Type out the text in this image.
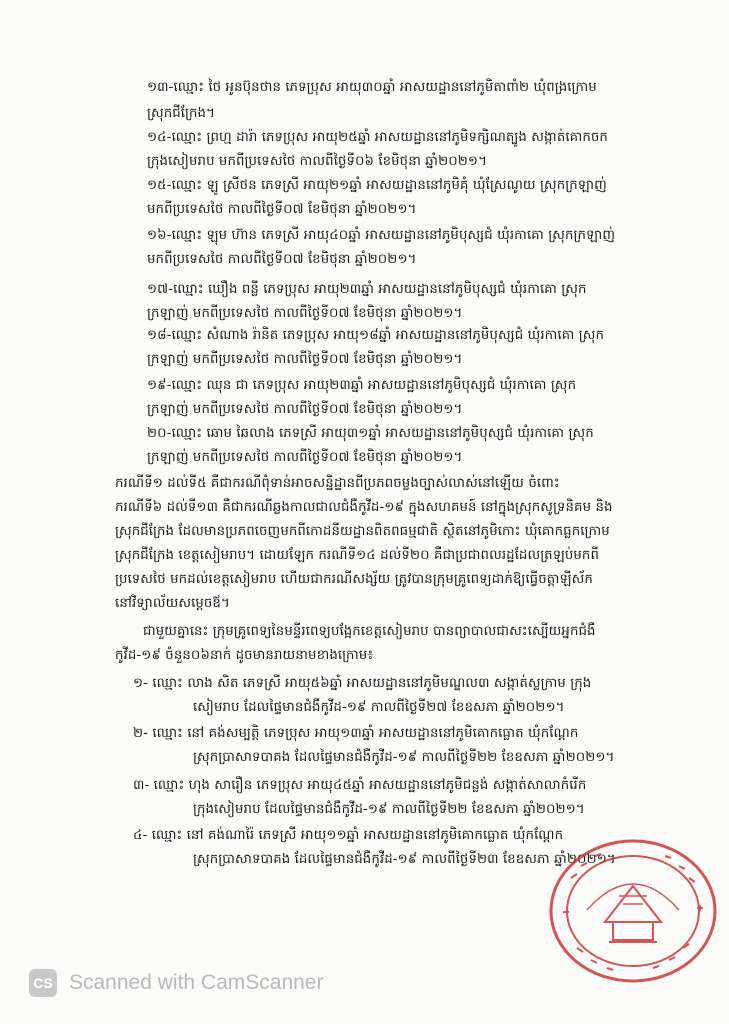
១៣-ឈ្មោះ ថៃ អូនប៊ុនថាន ភេទប្រុស អាយុ៣០ឆ្នាំ អាសយដ្ឋាននៅភូមិតាពាំ២ ឃុំពង្រក្រោម
ស្រុកជីក្រែង។
១៤-ឈ្មោះ ព្រហ្ម ដារ៉ា ភេទប្រុស អាយុ២៥ឆ្នាំ អាសយដ្ឋាននៅភូមិទក្សិណត្បូង សង្កាត់គោកចក
ក្រុងសៀមរាប មកពីប្រទេសថៃ កាលពីថ្ងៃទី០៦ ខែមិថុនា ឆ្នាំ២០២១។
១៥-ឈ្មោះ ឡូ ស្រីថន ភេទស្រី អាយុ២១ឆ្នាំ អាសយដ្ឋាននៅភូមិគុំ ឃុំស្រែណូយ ស្រុកក្រឡាញ់
មកពីប្រទេសថៃ កាលពីថ្ងៃទី០៧ ខែមិថុនា ឆ្នាំ២០២១។
១៦-ឈ្មោះ ឡុម ហ៊ាន ភេទស្រី អាយុ៤០ឆ្នាំ អាសយដ្ឋាននៅភូមិបុស្សជំ ឃុំរកាគោ ស្រុកក្រឡាញ់
មកពីប្រទេសថៃ កាលពីថ្ងៃទី០៧ ខែមិថុនា ឆ្នាំ២០២១។
១៧-ឈ្មោះ ឃឿង ពន្លី ភេទប្រុស អាយុ២៣ឆ្នាំ អាសយដ្ឋាននៅភូមិបុស្សជំ ឃុំរកាគោ ស្រុក
ក្រឡាញ់ មកពីប្រទេសថៃ កាលពីថ្ងៃទី០៧ ខែមិថុនា ឆ្នាំ២០២១។
១៨-ឈ្មោះ សំណាង រ៉ានិត ភេទប្រុស អាយុ១៨ឆ្នាំ អាសយដ្ឋាននៅភូមិបុស្សជំ ឃុំរកាគោ ស្រុក
ក្រឡាញ់ មកពីប្រទេសថៃ កាលពីថ្ងៃទី០៧ ខែមិថុនា ឆ្នាំ២០២១។
១៩-ឈ្មោះ ឈុន ជា ភេទប្រុស អាយុ២៣ឆ្នាំ អាសយដ្ឋាននៅភូមិបុស្សជំ ឃុំរកាគោ ស្រុក
ក្រឡាញ់ មកពីប្រទេសថៃ កាលពីថ្ងៃទី០៧ ខែមិថុនា ឆ្នាំ២០២១។
២០-ឈ្មោះ ឆោម ឆៃលាង ភេទស្រី អាយុ៣១ឆ្នាំ អាសយដ្ឋាននៅភូមិបុស្សជំ ឃុំរកាគោ ស្រុក
ក្រឡាញ់ មកពីប្រទេសថៃ កាលពីថ្ងៃទី០៧ ខែមិថុនា ឆ្នាំ២០២១។
ករណីទី១ ដល់ទី៥ គឺជាករណីពុំទាន់អាចសន្និដ្ឋានពីប្រភពចម្លងច្បាស់លាស់នៅឡើយ ចំពោះ
ករណីទី៦ ដល់ទី១៣ គឺជាករណីឆ្លងកាលជាលជំងឺកូវីដ-១៩ ក្នុងសហគមន៍ នៅក្នុងស្រុកសូទ្រនិគម និង
ស្រុកជីក្រែង ដែលមានប្រភពចេញមកពីកោដនីយដ្ឋានពិតពធម្មជាតិ ស្ថិតនៅភូមិកោះ ឃុំគោកធ្លកក្រោម
ស្រុកជីក្រែង ខេត្តសៀមរាប។ ដោយឡែក ករណីទី១៤ ដល់ទី២០ គឺជាប្រជាពលរដ្ឋដែលត្រឡប់មកពី
ប្រទេសថៃ មកដល់ខេត្តសៀមរាប ហើយជាករណីសង្ស័យ ត្រូវបានក្រុមគ្រូពេទ្យដាក់ឱ្យធ្វើចត្តាឡីស័ក
នៅវិទ្យាល័យសម្តេចឪ។
ជាមួយគ្នានេះ ក្រុមគ្រូពេទ្យនៃមន្ទីរពេទ្យបង្អែកខេត្តសៀមរាប បានព្យាបាលជាសះស្បើយអ្នកជំងឺ
កូវីដ-១៩ ចំនួន០៦នាក់ ដូចមានរាយនាមខាងក្រោម៖
១- ឈ្មោះ លាង សិត ភេទស្រី អាយុ៥៦ឆ្នាំ អាសយដ្ឋាននៅភូមិមណ្ឌល៣ សង្កាត់ស្លក្រាម ក្រុង
សៀមរាប ដែលផ្ទៃមានជំងឺកូវីដ-១៩ កាលពីថ្ងៃទី២៧ ខែឧសភា ឆ្នាំ២០២១។
២- ឈ្មោះ នៅ គង់សម្បត្តិ ភេទប្រុស អាយុ១៣ឆ្នាំ អាសយដ្ឋាននៅភូមិគោកធ្លោត ឃុំកណ្តែក
ស្រុកប្រាសាទបាគង ដែលផ្ទៃមានជំងឺកូវីដ-១៩ កាលពីថ្ងៃទី២២ ខែឧសភា ឆ្នាំ២០២១។
៣- ឈ្មោះ ហុង សារឿន ភេទប្រុស អាយុ៤៥ឆ្នាំ អាសយដ្ឋាននៅភូមិជន្លង់ សង្កាត់សាលាកំរើក
ក្រុងសៀមរាប ដែលផ្ទៃមានជំងឺកូវីដ-១៩ កាលពីថ្ងៃទី២២ ខែឧសភា ឆ្នាំ២០២១។
៤- ឈ្មោះ នៅ គង់ណារ៉ៃ ភេទស្រី អាយុ១១ឆ្នាំ អាសយដ្ឋាននៅភូមិគោកធ្លោត ឃុំកណ្តែក
ស្រុកប្រាសាទបាគង ដែលផ្ទៃមានជំងឺកូវីដ-១៩ កាលពីថ្ងៃទី២៣ ខែឧសភា ឆ្នាំ២០២១។
CS Scanned with CamScanner
